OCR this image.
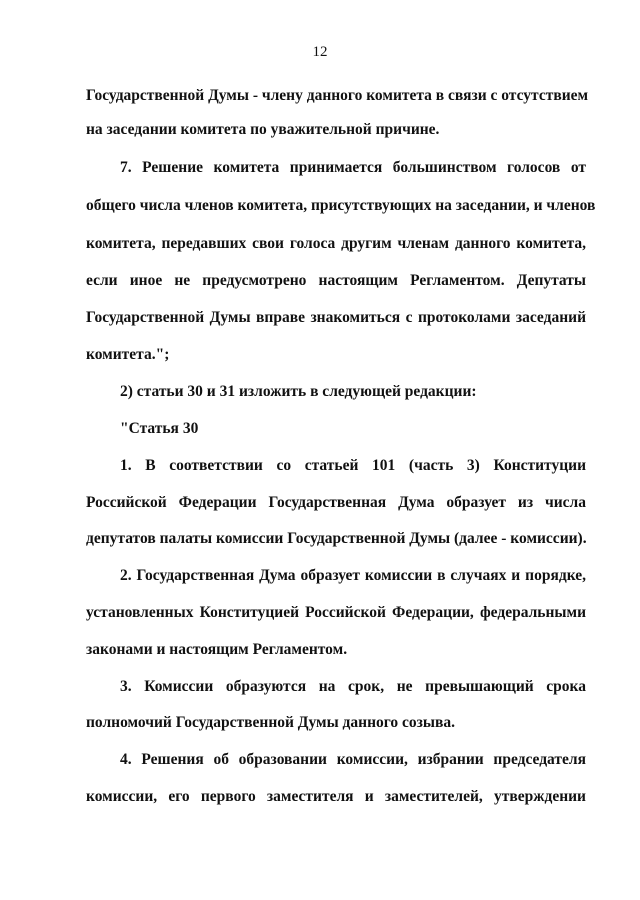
12
Государственной Думы - члену данного комитета в связи с отсутствием
на заседании комитета по уважительной причине.
7. Решение комитета принимается большинством голосов от
общего числа членов комитета, присутствующих на заседании, и членов
комитета, передавших свои голоса другим членам данного комитета,
если иное не предусмотрено настоящим Регламентом. Депутаты
Государственной Думы вправе знакомиться с протоколами заседаний
комитета.";
2) статьи 30 и 31 изложить в следующей редакции:
"Статья 30
1. В соответствии со статьей 101 (часть 3) Конституции
Российской Федерации Государственная Дума образует из числа
депутатов палаты комиссии Государственной Думы (далее - комиссии).
2. Государственная Дума образует комиссии в случаях и порядке,
установленных Конституцией Российской Федерации, федеральными
законами и настоящим Регламентом.
3. Комиссии образуются на срок, не превышающий срока
полномочий Государственной Думы данного созыва.
4. Решения об образовании комиссии, избрании председателя
комиссии, его первого заместителя и заместителей, утверждении
